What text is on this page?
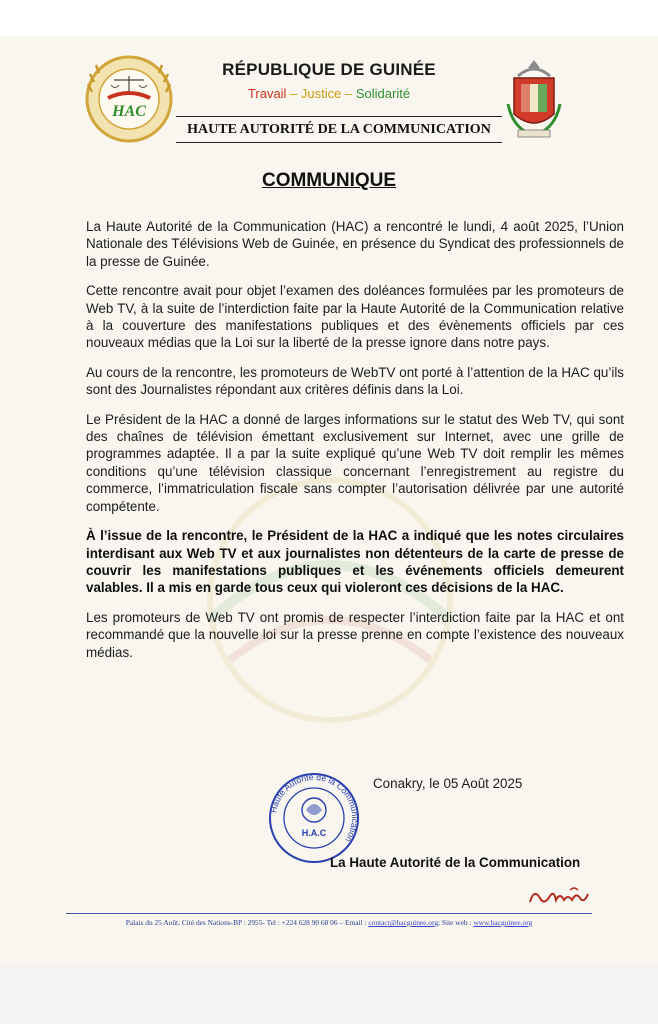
HAC
RÉPUBLIQUE DE GUINÉE
Travail – Justice – Solidarité
HAUTE AUTORITÉ DE LA COMMUNICATION
COMMUNIQUE

La Haute Autorité de la Communication (HAC) a rencontré le lundi, 4 août 2025, l’Union Nationale des Télévisions Web de Guinée, en présence du Syndicat des professionnels de la presse de Guinée.

Cette rencontre avait pour objet l’examen des doléances formulées par les promoteurs de Web TV, à la suite de l’interdiction faite par la Haute Autorité de la Communication relative à la couverture des manifestations publiques et des évènements officiels par ces nouveaux médias que la Loi sur la liberté de la presse ignore dans notre pays.

Au cours de la rencontre, les promoteurs de WebTV ont porté à l’attention de la HAC qu’ils sont des Journalistes répondant aux critères définis dans la Loi.

Le Président de la HAC a donné de larges informations sur le statut des Web TV, qui sont des chaînes de télévision émettant exclusivement sur Internet, avec une grille de programmes adaptée. Il a par la suite expliqué qu’une Web TV doit remplir les mêmes conditions qu’une télévision classique concernant l’enregistrement au registre du commerce, l’immatriculation fiscale sans compter l’autorisation délivrée par une autorité compétente.

À l’issue de la rencontre, le Président de la HAC a indiqué que les notes circulaires interdisant aux Web TV et aux journalistes non détenteurs de la carte de presse de couvrir les manifestations publiques et les événements officiels demeurent valables. Il a mis en garde tous ceux qui violeront ces décisions de la HAC.

Les promoteurs de Web TV ont promis de respecter l’interdiction faite par la HAC et ont recommandé que la nouvelle loi sur la presse prenne en compte l’existence des nouveaux médias.

Haute Autorité de la Communication
H.A.C
Conakry, le 05 Août 2025
La Haute Autorité de la Communication
Palais du 25 Août, Cité des Nations-BP : 2955- Tel : +224 628 90 68 06 – Email : contact@hacguinee.org; Site web : www.hacguinee.org
